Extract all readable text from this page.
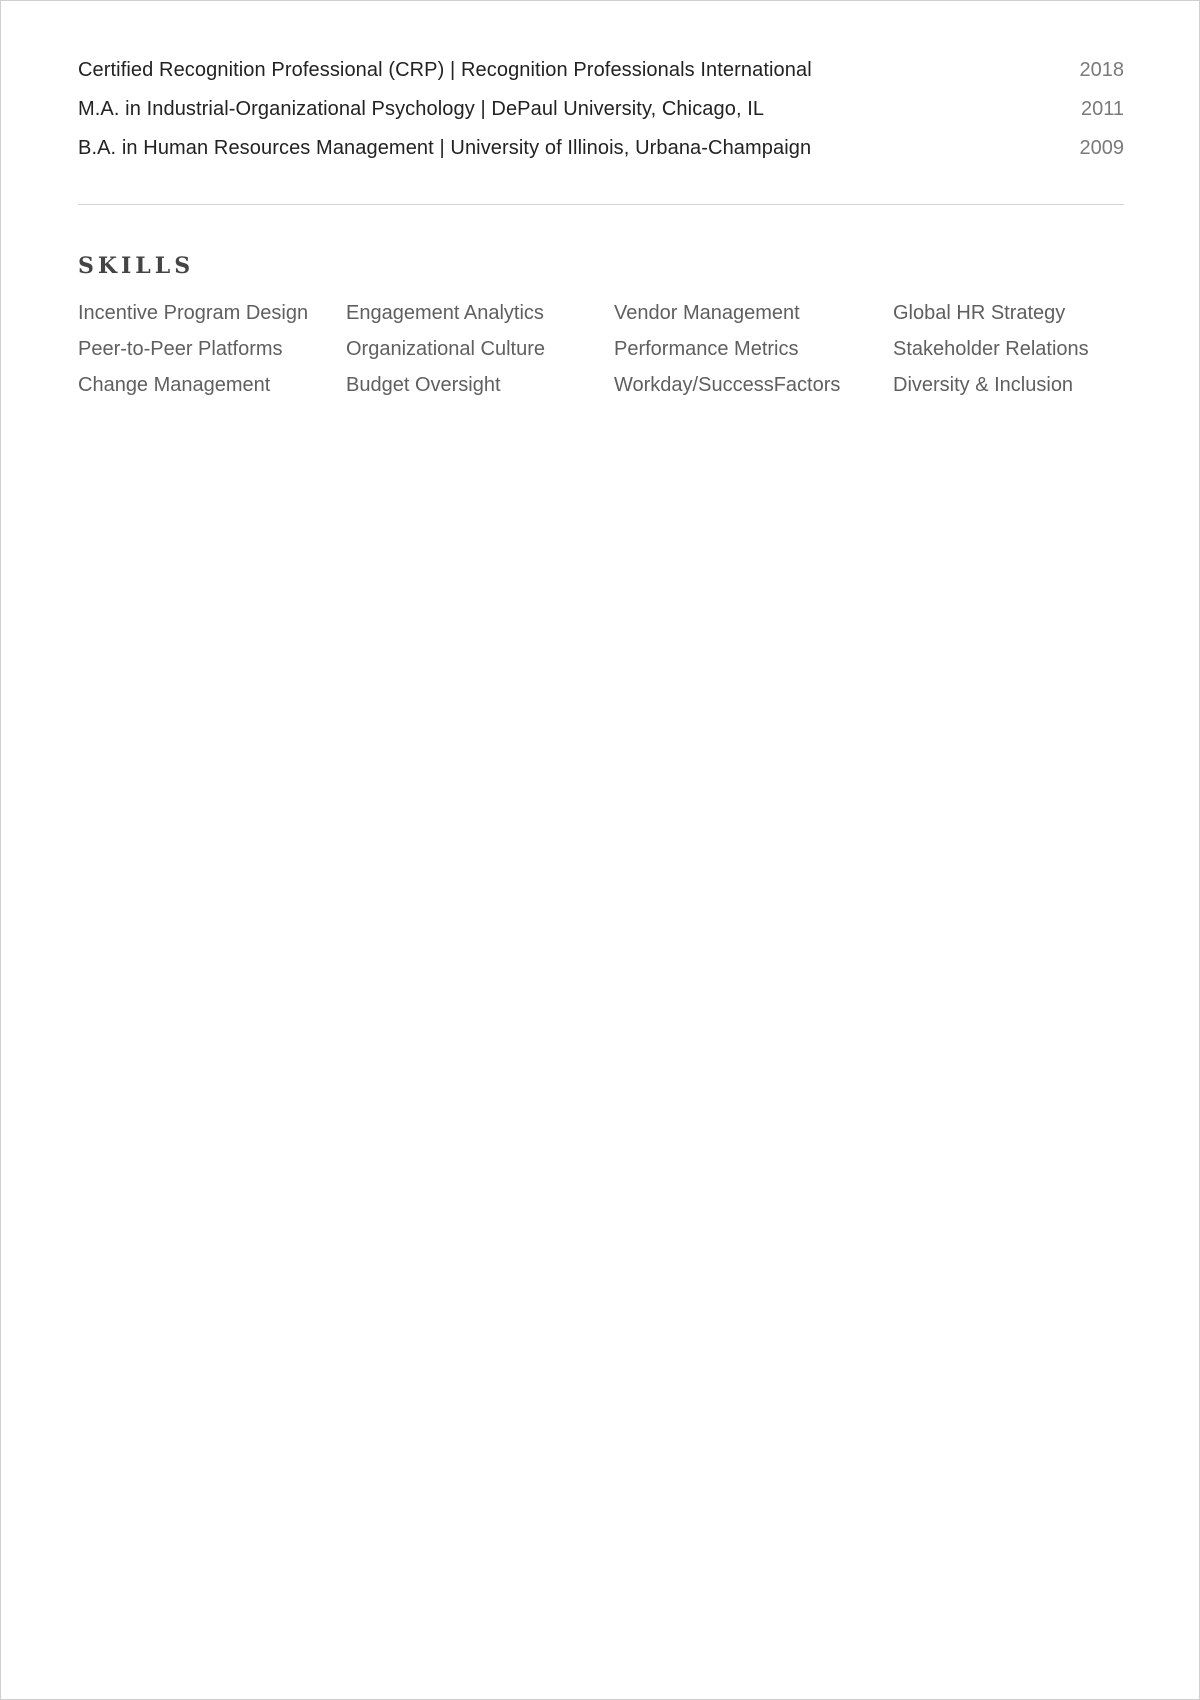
Certified Recognition Professional (CRP) | Recognition Professionals International	2018
M.A. in Industrial-Organizational Psychology | DePaul University, Chicago, IL	2011
B.A. in Human Resources Management | University of Illinois, Urbana-Champaign	2009
SKILLS
Incentive Program Design	Engagement Analytics	Vendor Management	Global HR Strategy
Peer-to-Peer Platforms	Organizational Culture	Performance Metrics	Stakeholder Relations
Change Management	Budget Oversight	Workday/SuccessFactors	Diversity & Inclusion
